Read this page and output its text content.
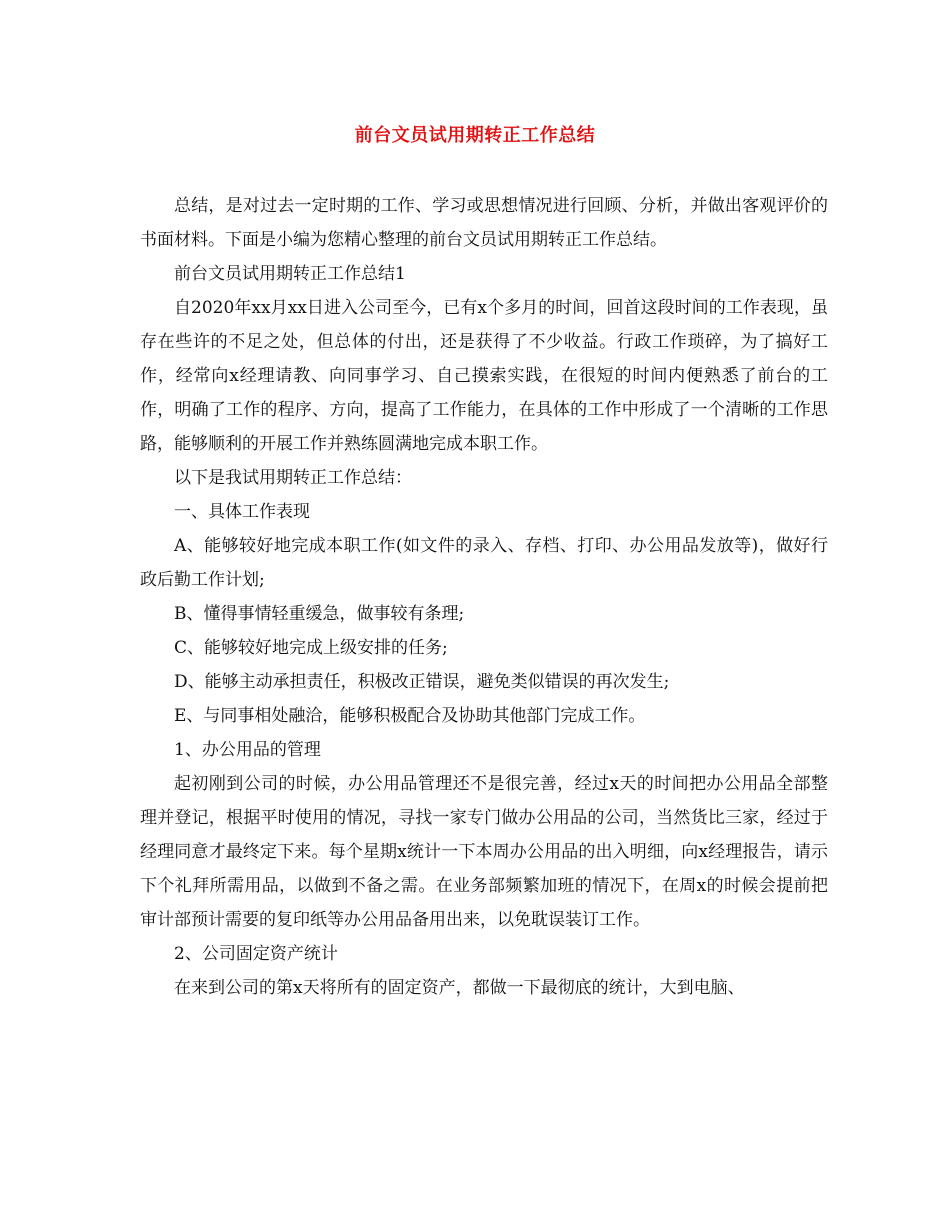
前台文员试用期转正工作总结

总结，是对过去一定时期的工作、学习或思想情况进行回顾、分析，并做出客观评价的书面材料。下面是小编为您精心整理的前台文员试用期转正工作总结。

前台文员试用期转正工作总结1

自2020年xx月xx日进入公司至今，已有x个多月的时间，回首这段时间的工作表现，虽存在些许的不足之处，但总体的付出，还是获得了不少收益。行政工作琐碎，为了搞好工作，经常向x经理请教、向同事学习、自己摸索实践，在很短的时间内便熟悉了前台的工作，明确了工作的程序、方向，提高了工作能力，在具体的工作中形成了一个清晰的工作思路，能够顺利的开展工作并熟练圆满地完成本职工作。

以下是我试用期转正工作总结：

一、具体工作表现

A、能够较好地完成本职工作(如文件的录入、存档、打印、办公用品发放等)，做好行政后勤工作计划;

B、懂得事情轻重缓急，做事较有条理;

C、能够较好地完成上级安排的任务;

D、能够主动承担责任，积极改正错误，避免类似错误的再次发生;

E、与同事相处融洽，能够积极配合及协助其他部门完成工作。

1、办公用品的管理

起初刚到公司的时候，办公用品管理还不是很完善，经过x天的时间把办公用品全部整理并登记，根据平时使用的情况，寻找一家专门做办公用品的公司，当然货比三家，经过于经理同意才最终定下来。每个星期x统计一下本周办公用品的出入明细，向x经理报告，请示下个礼拜所需用品，以做到不备之需。在业务部频繁加班的情况下，在周x的时候会提前把审计部预计需要的复印纸等办公用品备用出来，以免耽误装订工作。

2、公司固定资产统计

在来到公司的第x天将所有的固定资产，都做一下最彻底的统计，大到电脑、
